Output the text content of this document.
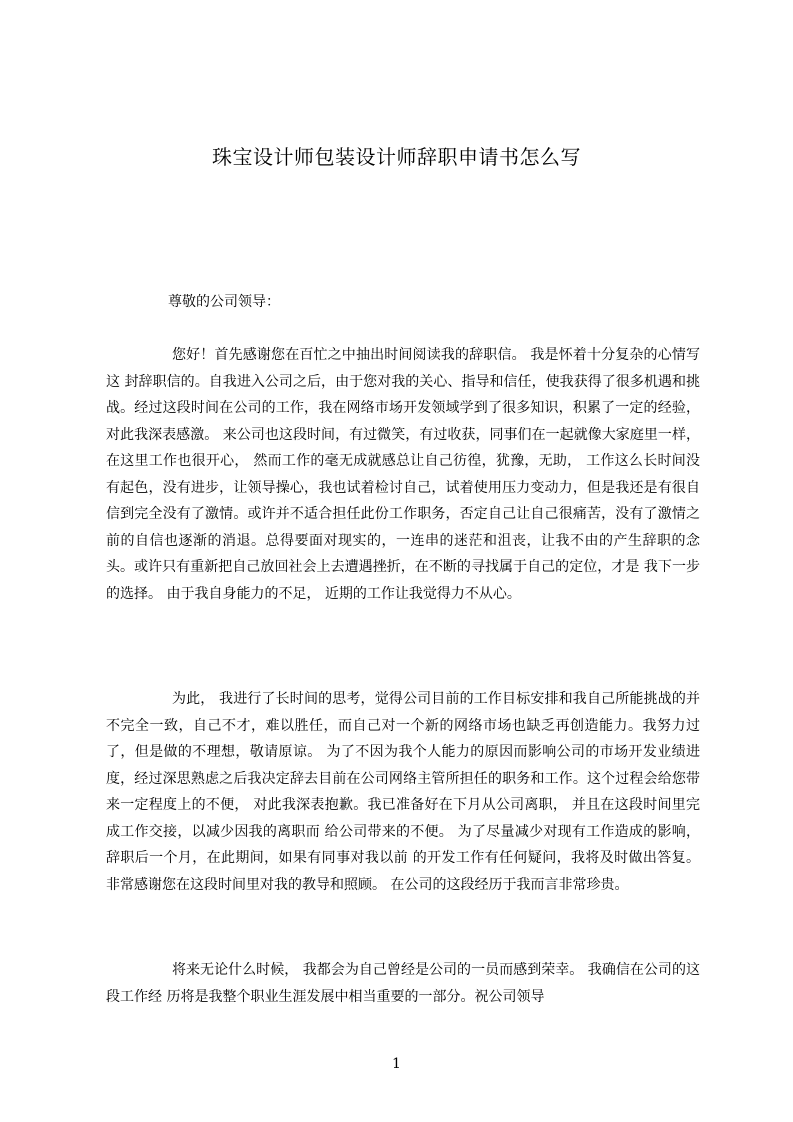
珠宝设计师包装设计师辞职申请书怎么写

尊敬的公司领导：

您好！首先感谢您在百忙之中抽出时间阅读我的辞职信。 我是怀着十分复杂的心情写这 封辞职信的。自我进入公司之后，由于您对我的关心、指导和信任，使我获得了很多机遇和挑战。经过这段时间在公司的工作，我在网络市场开发领域学到了很多知识，积累了一定的经验，对此我深表感激。 来公司也这段时间，有过微笑，有过收获，同事们在一起就像大家庭里一样，在这里工作也很开心， 然而工作的毫无成就感总让自己彷徨，犹豫，无助， 工作这么长时间没有起色，没有进步，让领导操心，我也试着检讨自己，试着使用压力变动力，但是我还是有很自信到完全没有了激情。或许并不适合担任此份工作职务，否定自己让自己很痛苦，没有了激情之前的自信也逐渐的消退。总得要面对现实的，一连串的迷茫和沮丧，让我不由的产生辞职的念头。或许只有重新把自己放回社会上去遭遇挫折，在不断的寻找属于自己的定位，才是 我下一步的选择。 由于我自身能力的不足， 近期的工作让我觉得力不从心。

为此， 我进行了长时间的思考，觉得公司目前的工作目标安排和我自己所能挑战的并不完全一致，自己不才，难以胜任，而自己对一个新的网络市场也缺乏再创造能力。我努力过了，但是做的不理想，敬请原谅。 为了不因为我个人能力的原因而影响公司的市场开发业绩进度，经过深思熟虑之后我决定辞去目前在公司网络主管所担任的职务和工作。这个过程会给您带来一定程度上的不便， 对此我深表抱歉。我已准备好在下月从公司离职， 并且在这段时间里完成工作交接，以减少因我的离职而 给公司带来的不便。 为了尽量减少对现有工作造成的影响，辞职后一个月，在此期间，如果有同事对我以前 的开发工作有任何疑问，我将及时做出答复。 非常感谢您在这段时间里对我的教导和照顾。 在公司的这段经历于我而言非常珍贵。

将来无论什么时候， 我都会为自己曾经是公司的一员而感到荣幸。 我确信在公司的这段工作经 历将是我整个职业生涯发展中相当重要的一部分。祝公司领导

1
